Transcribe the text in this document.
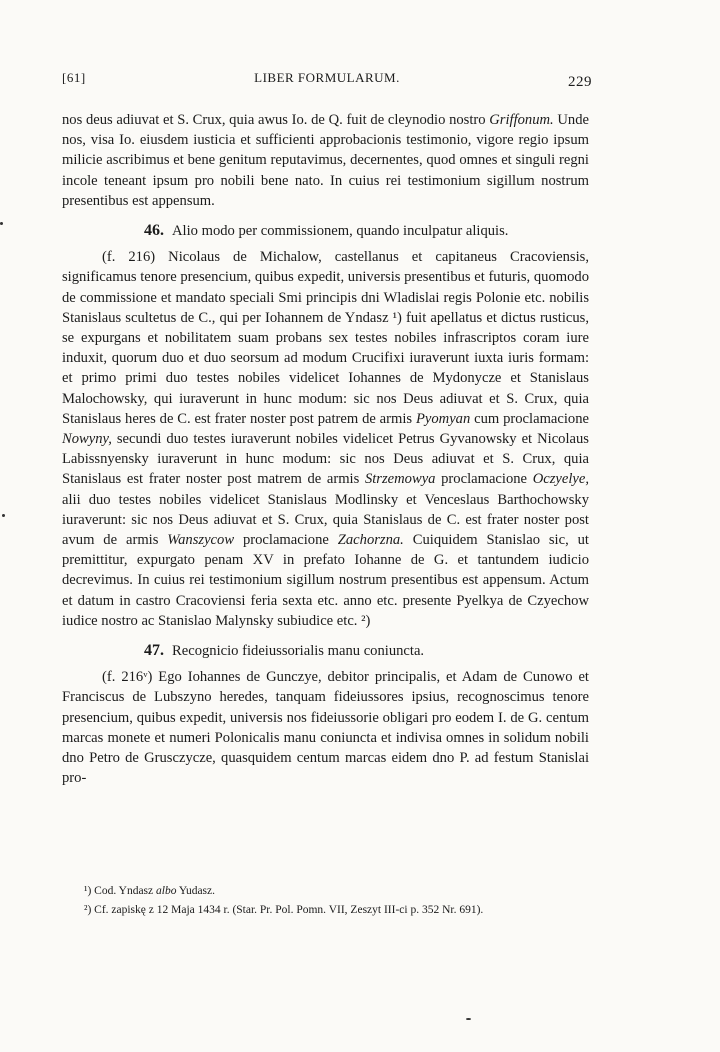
[61]	LIBER FORMULARUM.	229

nos deus adiuvat et S. Crux, quia awus Io. de Q. fuit de cleynodio nostro Griffonum. Unde nos, visa Io. eiusdem iusticia et sufficienti approbacionis testimonio, vigore regio ipsum milicie ascribimus et bene genitum reputavimus, decernentes, quod omnes et singuli regni incole teneant ipsum pro nobili bene nato. In cuius rei testimonium sigillum nostrum presentibus est appensum.

46. Alio modo per commissionem, quando inculpatur aliquis.

(f. 216) Nicolaus de Michalow, castellanus et capitaneus Cracoviensis, significamus tenore presencium, quibus expedit, universis presentibus et futuris, quomodo de commissione et mandato speciali Smi principis dni Wladislai regis Polonie etc. nobilis Stanislaus scultetus de C., qui per Iohannem de Yndasz ¹) fuit apellatus et dictus rusticus, se expurgans et nobilitatem suam probans sex testes nobiles infrascriptos coram iure induxit, quorum duo et duo seorsum ad modum Crucifixi iuraverunt iuxta iuris formam: et primo primi duo testes nobiles videlicet Iohannes de Mydonycze et Stanislaus Malochowsky, qui iuraverunt in hunc modum: sic nos Deus adiuvat et S. Crux, quia Stanislaus heres de C. est frater noster post patrem de armis Pyomyan cum proclamacione Nowyny, secundi duo testes iuraverunt nobiles videlicet Petrus Gyvanowsky et Nicolaus Labissnyensky iuraverunt in hunc modum: sic nos Deus adiuvat et S. Crux, quia Stanislaus est frater noster post matrem de armis Strzemowya proclamacione Oczyelye, alii duo testes nobiles videlicet Stanislaus Modlinsky et Venceslaus Barthochowsky iuraverunt: sic nos Deus adiuvat et S. Crux, quia Stanislaus de C. est frater noster post avum de armis Wanszycow proclamacione Zachorzna. Cuiquidem Stanislao sic, ut premittitur, expurgato penam XV in prefato Iohanne de G. et tantundem iudicio decrevimus. In cuius rei testimonium sigillum nostrum presentibus est appensum. Actum et datum in castro Cracoviensi feria sexta etc. anno etc. presente Pyelkya de Czyechow iudice nostro ac Stanislao Malynsky subiudice etc. ²)

47. Recognicio fideiussorialis manu coniuncta.

(f. 216ᵛ) Ego Iohannes de Gunczye, debitor principalis, et Adam de Cunowo et Franciscus de Lubszyno heredes, tanquam fideiussores ipsius, recognoscimus tenore presencium, quibus expedit, universis nos fideiussorie obligari pro eodem I. de G. centum marcas monete et numeri Polonicalis manu coniuncta et indivisa omnes in solidum nobili dno Petro de Grusczycze, quasquidem centum marcas eidem dno P. ad festum Stanislai pro-

¹) Cod. Yndasz albo Yudasz.

²) Cf. zapiskę z 12 Maja 1434 r. (Star. Pr. Pol. Pomn. VII, Zeszyt III-ci p. 352 Nr. 691).
